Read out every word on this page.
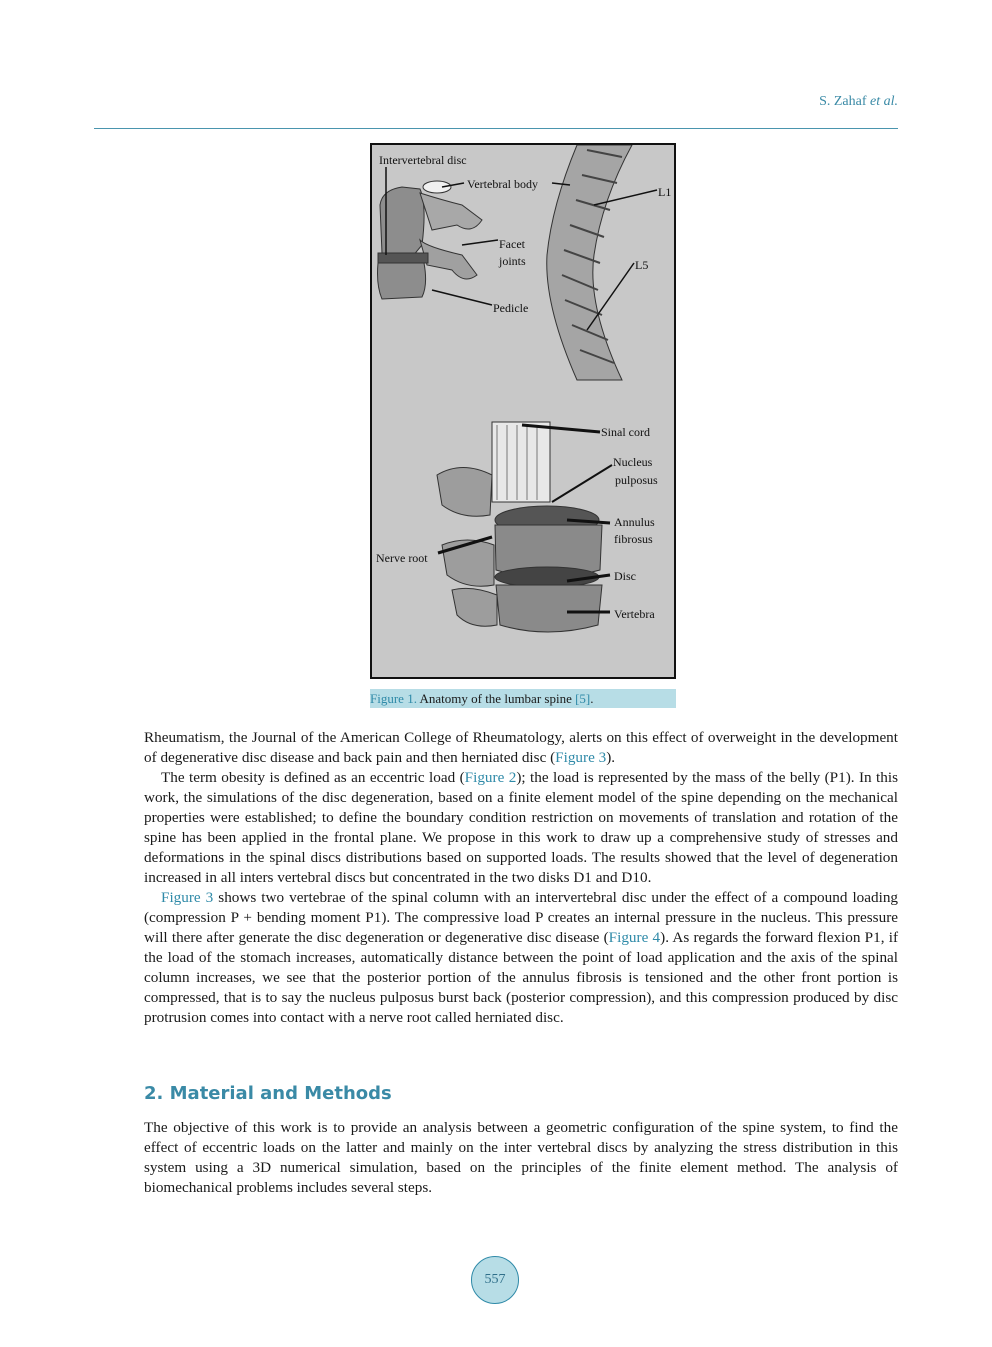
S. Zahaf et al.
Intervertebral disc
Vertebral body
Facet
joints
Pedicle
L1
L5
Sinal cord
Nucleus
pulposus
Annulus
fibrosus
Nerve root
Disc
Vertebra
Figure 1. Anatomy of the lumbar spine [5].

Rheumatism, the Journal of the American College of Rheumatology, alerts on this effect of overweight in the development of degenerative disc disease and back pain and then herniated disc (Figure 3).

The term obesity is defined as an eccentric load (Figure 2); the load is represented by the mass of the belly (P1). In this work, the simulations of the disc degeneration, based on a finite element model of the spine depending on the mechanical properties were established; to define the boundary condition restriction on movements of translation and rotation of the spine has been applied in the frontal plane. We propose in this work to draw up a comprehensive study of stresses and deformations in the spinal discs distributions based on supported loads. The results showed that the level of degeneration increased in all inters vertebral discs but concentrated in the two disks D1 and D10.

Figure 3 shows two vertebrae of the spinal column with an intervertebral disc under the effect of a compound loading (compression P + bending moment P1). The compressive load P creates an internal pressure in the nucleus. This pressure will there after generate the disc degeneration or degenerative disc disease (Figure 4). As regards the forward flexion P1, if the load of the stomach increases, automatically distance between the point of load application and the axis of the spinal column increases, we see that the posterior portion of the annulus fibrosis is tensioned and the other front portion is compressed, that is to say the nucleus pulposus burst back (posterior compression), and this compression produced by disc protrusion comes into contact with a nerve root called herniated disc.

2. Material and Methods

The objective of this work is to provide an analysis between a geometric configuration of the spine system, to find the effect of eccentric loads on the latter and mainly on the inter vertebral discs by analyzing the stress distribution in this system using a 3D numerical simulation, based on the principles of the finite element method. The analysis of biomechanical problems includes several steps.

557
